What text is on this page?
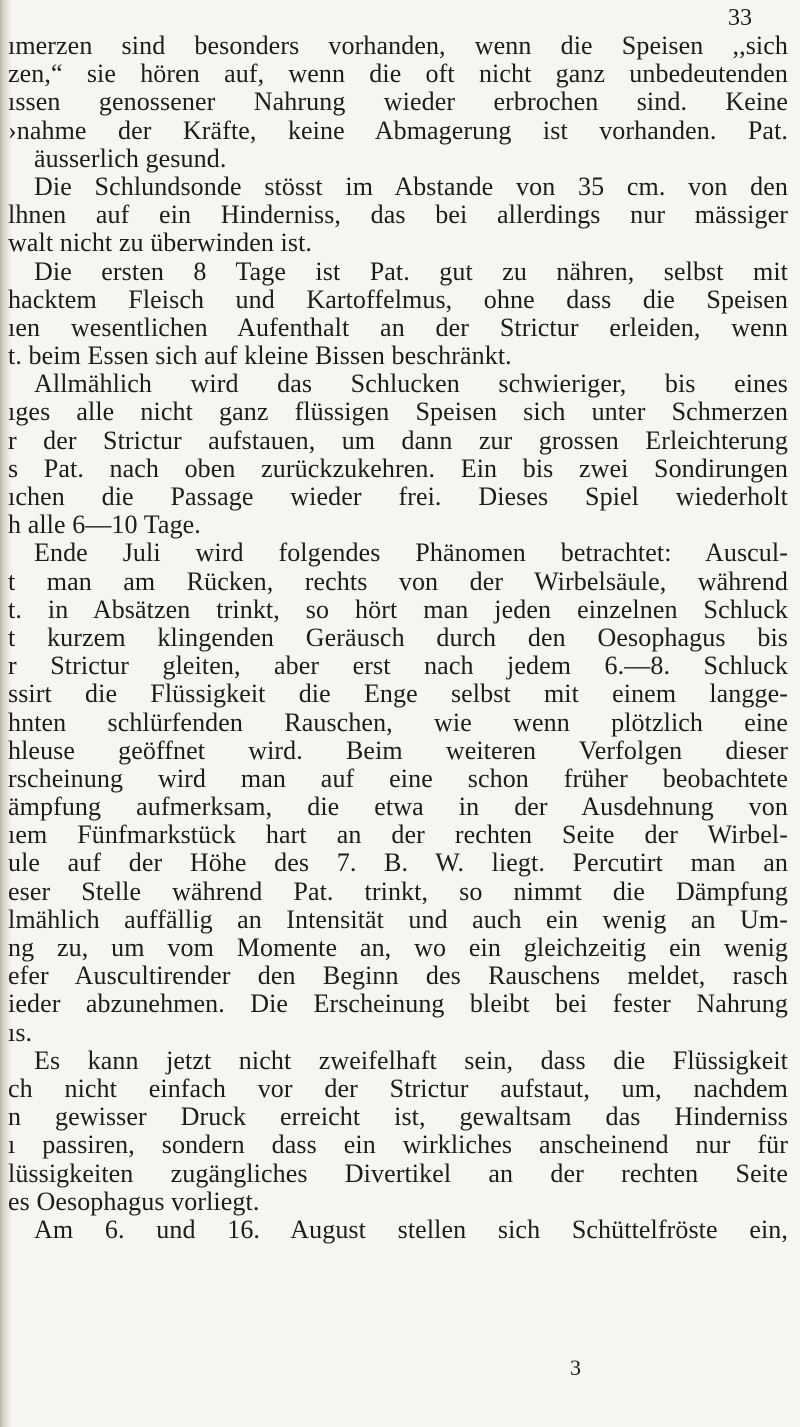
33
ımerzen sind besonders vorhanden, wenn die Speisen ,,sich
zen,“ sie hören auf, wenn die oft nicht ganz unbedeutenden
ıssen genossener Nahrung wieder erbrochen sind. Keine
›nahme der Kräfte, keine Abmagerung ist vorhanden. Pat.
äusserlich gesund.
Die Schlundsonde stösst im Abstande von 35 cm. von den
lhnen auf ein Hinderniss, das bei allerdings nur mässiger
walt nicht zu überwinden ist.
Die ersten 8 Tage ist Pat. gut zu nähren, selbst mit
hacktem Fleisch und Kartoffelmus, ohne dass die Speisen
ıen wesentlichen Aufenthalt an der Strictur erleiden, wenn
t. beim Essen sich auf kleine Bissen beschränkt.
Allmählich wird das Schlucken schwieriger, bis eines
ıges alle nicht ganz flüssigen Speisen sich unter Schmerzen
r der Strictur aufstauen, um dann zur grossen Erleichterung
s Pat. nach oben zurückzukehren. Ein bis zwei Sondirungen
ıchen die Passage wieder frei. Dieses Spiel wiederholt
h alle 6—10 Tage.
Ende Juli wird folgendes Phänomen betrachtet: Auscul-
t man am Rücken, rechts von der Wirbelsäule, während
t. in Absätzen trinkt, so hört man jeden einzelnen Schluck
t kurzem klingenden Geräusch durch den Oesophagus bis
r Strictur gleiten, aber erst nach jedem 6.—8. Schluck
ssirt die Flüssigkeit die Enge selbst mit einem langge-
hnten schlürfenden Rauschen, wie wenn plötzlich eine
hleuse geöffnet wird. Beim weiteren Verfolgen dieser
rscheinung wird man auf eine schon früher beobachtete
ämpfung aufmerksam, die etwa in der Ausdehnung von
ıem Fünfmarkstück hart an der rechten Seite der Wirbel-
ule auf der Höhe des 7. B. W. liegt. Percutirt man an
eser Stelle während Pat. trinkt, so nimmt die Dämpfung
lmählich auffällig an Intensität und auch ein wenig an Um-
ng zu, um vom Momente an, wo ein gleichzeitig ein wenig
efer Auscultirender den Beginn des Rauschens meldet, rasch
ieder abzunehmen. Die Erscheinung bleibt bei fester Nahrung
ıs.
Es kann jetzt nicht zweifelhaft sein, dass die Flüssigkeit
ch nicht einfach vor der Strictur aufstaut, um, nachdem
n gewisser Druck erreicht ist, gewaltsam das Hinderniss
ı passiren, sondern dass ein wirkliches anscheinend nur für
lüssigkeiten zugängliches Divertikel an der rechten Seite
es Oesophagus vorliegt.
Am 6. und 16. August stellen sich Schüttelfröste ein,
3
